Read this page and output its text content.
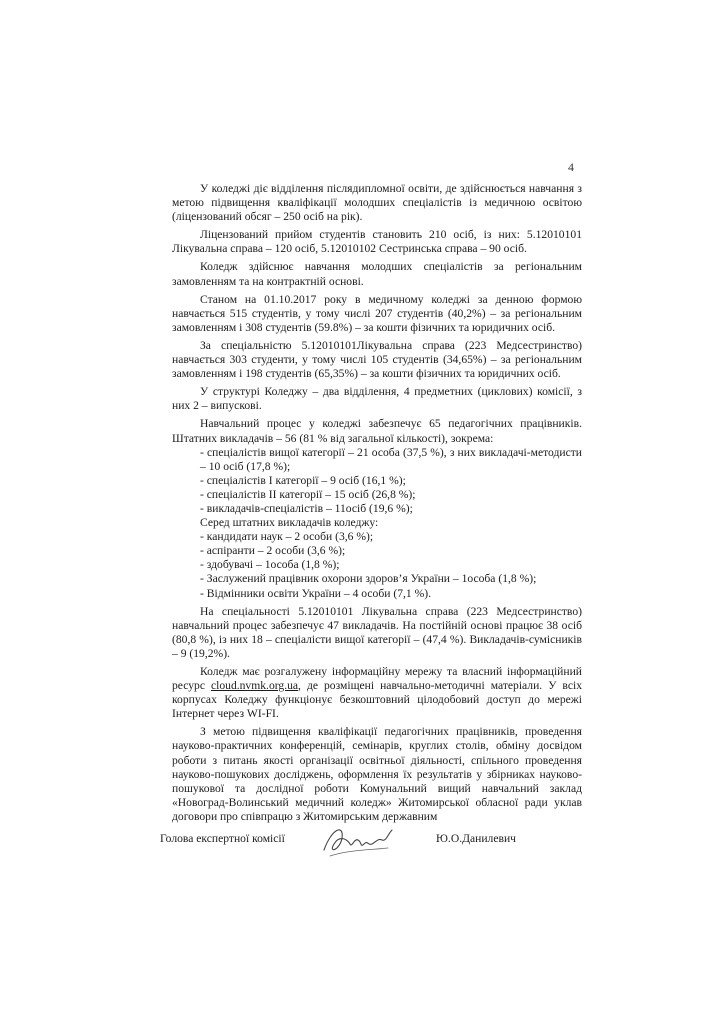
4

У коледжі діє відділення післядипломної освіти, де здійснюється навчання з метою підвищення кваліфікації молодших спеціалістів із медичною освітою (ліцензований обсяг – 250 осіб на рік).

Ліцензований прийом студентів становить 210 осіб, із них: 5.12010101 Лікувальна справа – 120 осіб, 5.12010102 Сестринська справа – 90 осіб.

Коледж здійснює навчання молодших спеціалістів за регіональним замовленням та на контрактній основі.

Станом на 01.10.2017 року в медичному коледжі за денною формою навчається 515 студентів, у тому числі 207 студентів (40,2%) – за регіональним замовленням і 308 студентів (59.8%) – за кошти фізичних та юридичних осіб.

За спеціальністю 5.12010101Лікувальна справа (223 Медсестринство) навчається 303 студенти, у тому числі 105 студентів (34,65%) – за регіональним замовленням і 198 студентів (65,35%) – за кошти фізичних та юридичних осіб.

У структурі Коледжу – два відділення, 4 предметних (циклових) комісії, з них 2 – випускові.

Навчальний процес у коледжі забезпечує 65 педагогічних працівників. Штатних викладачів – 56 (81 % від загальної кількості), зокрема:

- спеціалістів вищої категорії – 21 особа (37,5 %), з них викладачі-методисти – 10 осіб (17,8 %);

- спеціалістів І категорії – 9 осіб (16,1 %);

- спеціалістів ІІ категорії – 15 осіб (26,8 %);

- викладачів-спеціалістів – 11осіб (19,6 %);

Серед штатних викладачів коледжу:

- кандидати наук – 2 особи (3,6 %);

- аспіранти – 2 особи (3,6 %);

- здобувачі – 1особа (1,8 %);

- Заслужений працівник охорони здоров’я України – 1особа (1,8 %);

- Відмінники освіти України – 4 особи (7,1 %).

На спеціальності 5.12010101 Лікувальна справа (223 Медсестринство) навчальний процес забезпечує 47 викладачів. На постійній основі працює 38 осіб (80,8 %), із них 18 – спеціалісти вищої категорії – (47,4 %). Викладачів-сумісників – 9 (19,2%).

Коледж має розгалужену інформаційну мережу та власний інформаційний ресурс cloud.nvmk.org.ua, де розміщені навчально-методичні матеріали. У всіх корпусах Коледжу функціонує безкоштовний цілодобовий доступ до мережі Інтернет через WI-FI.

З метою підвищення кваліфікації педагогічних працівників, проведення науково-практичних конференцій, семінарів, круглих столів, обміну досвідом роботи з питань якості організації освітньої діяльності, спільного проведення науково-пошукових досліджень, оформлення їх результатів у збірниках науково-пошукової та дослідної роботи Комунальний вищий навчальний заклад «Новоград-Волинський медичний коледж» Житомирської обласної ради уклав договори про співпрацю з Житомирським державним

Голова експертної комісії	Ю.О.Данилевич
